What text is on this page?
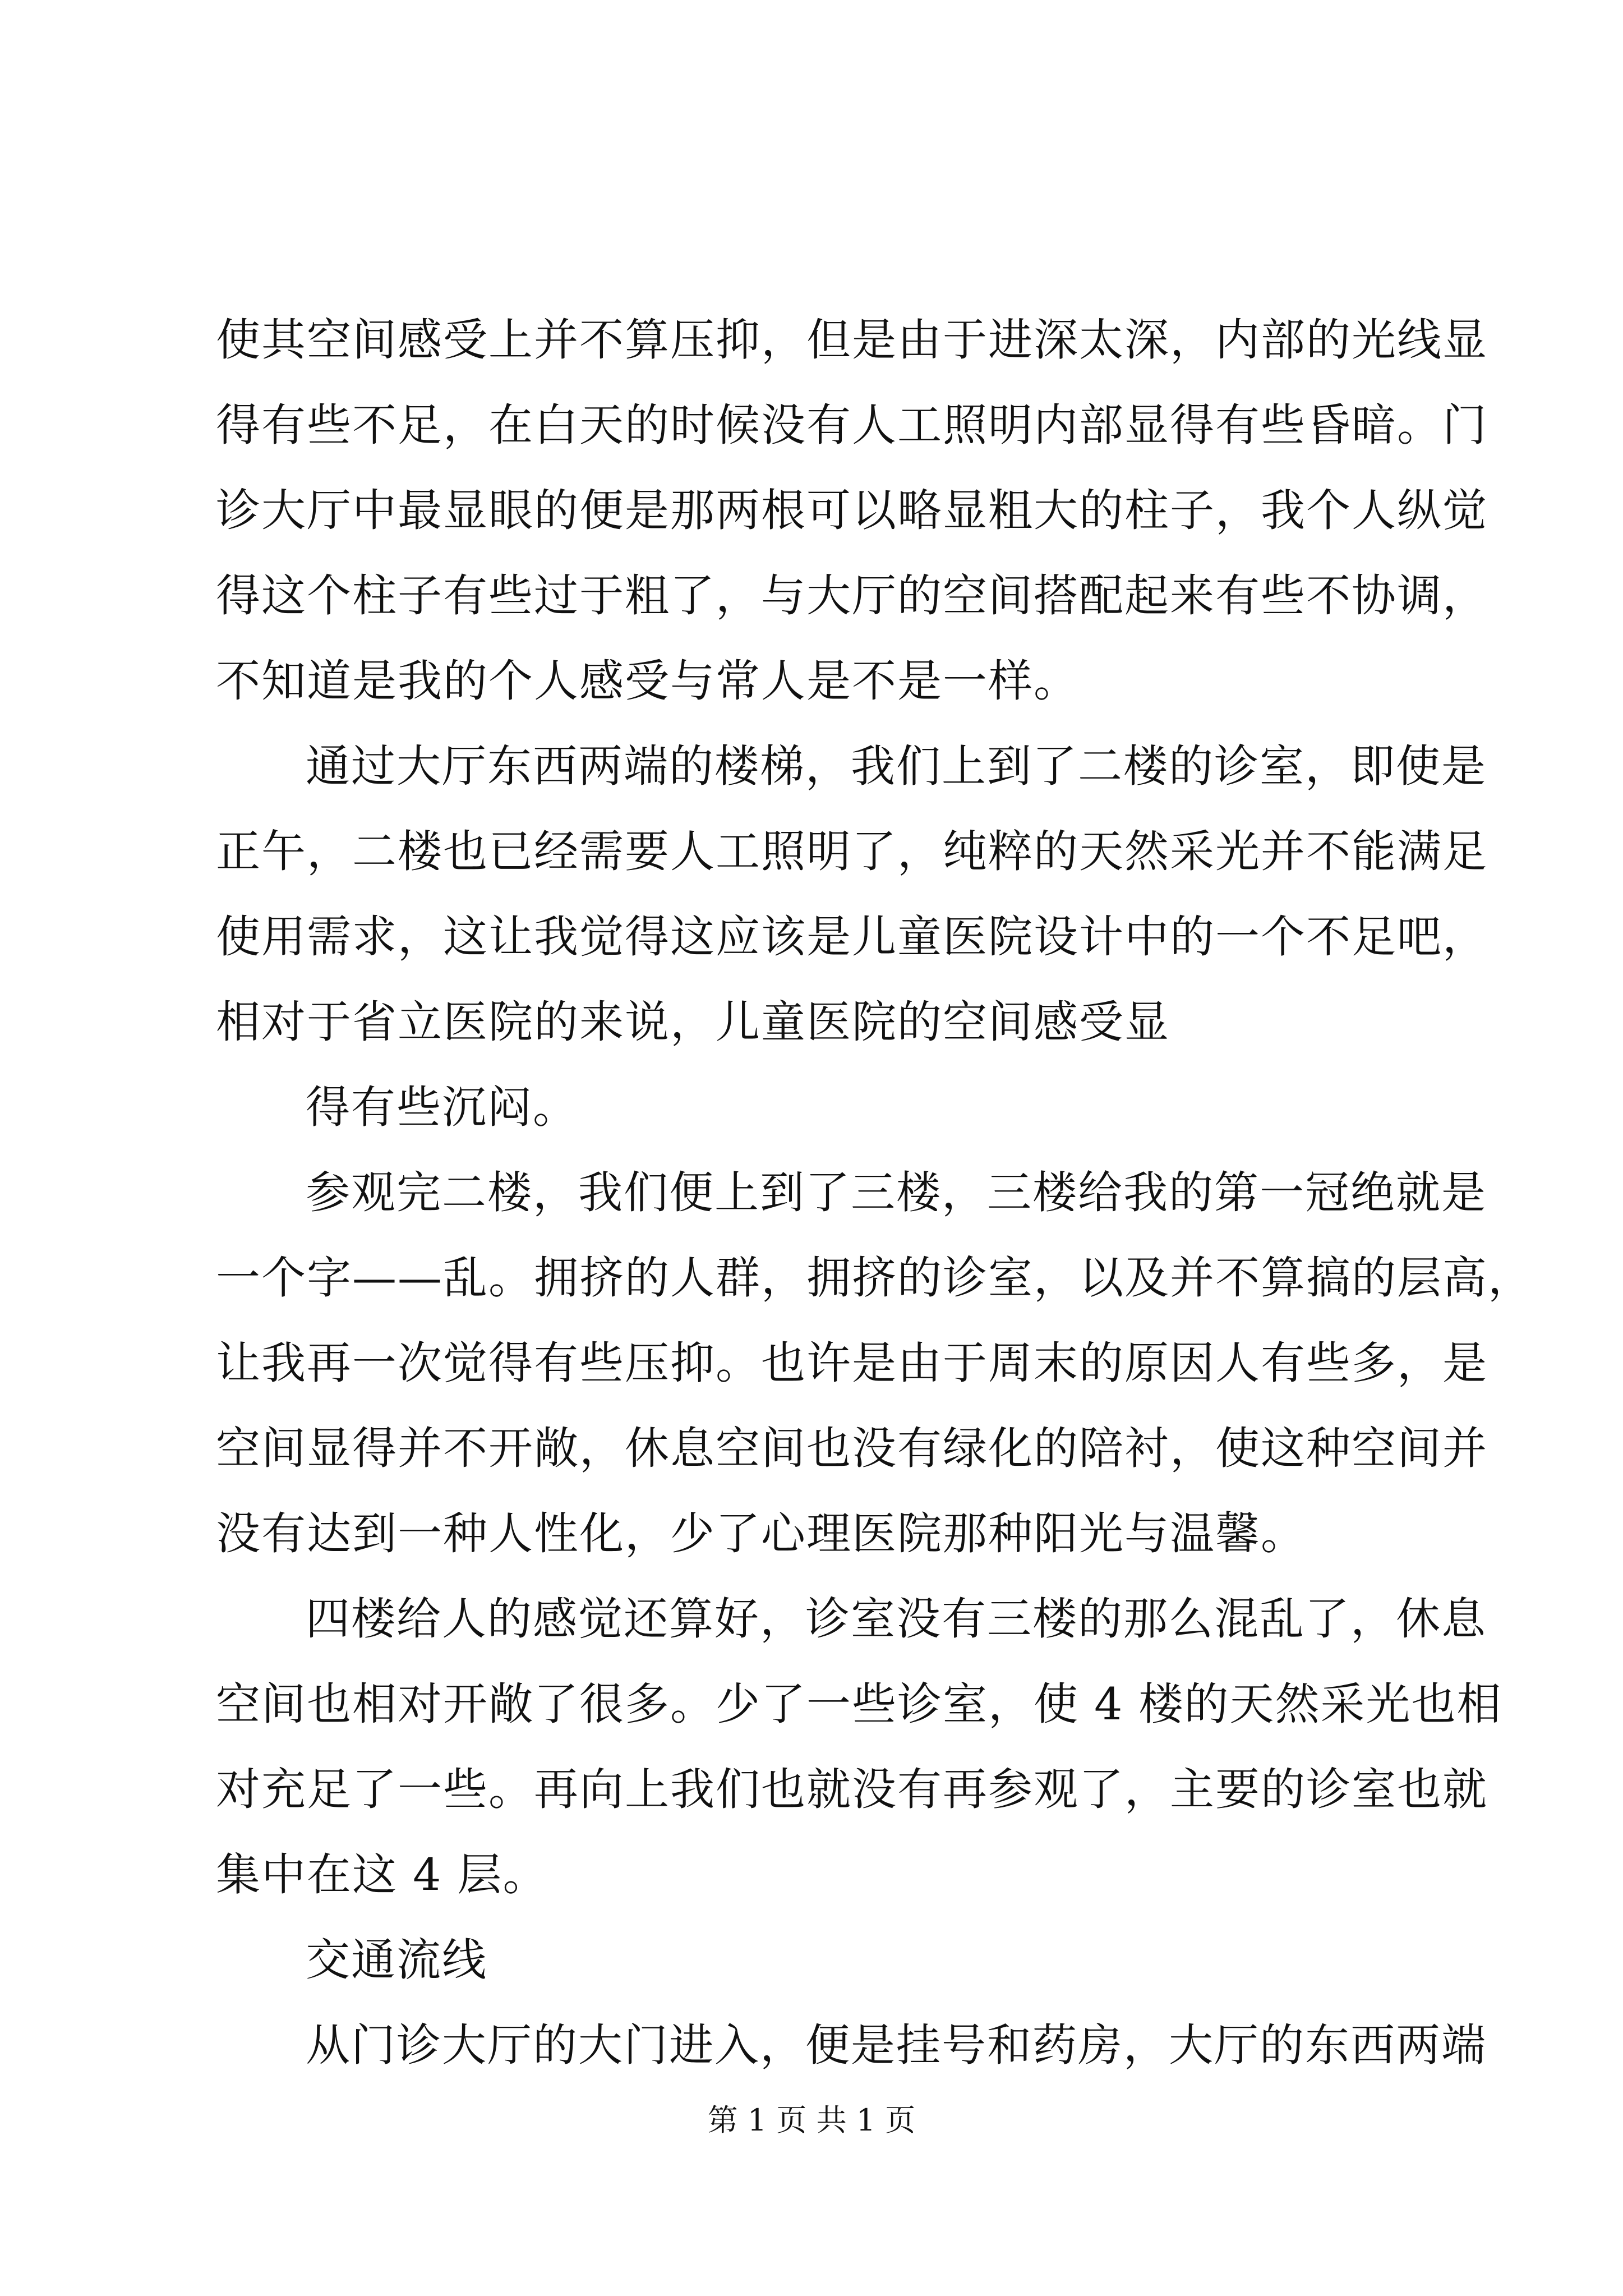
使其空间感受上并不算压抑，但是由于进深太深，内部的光线显
得有些不足，在白天的时候没有人工照明内部显得有些昏暗。门
诊大厅中最显眼的便是那两根可以略显粗大的柱子，我个人纵觉
得这个柱子有些过于粗了，与大厅的空间搭配起来有些不协调，
不知道是我的个人感受与常人是不是一样。
通过大厅东西两端的楼梯，我们上到了二楼的诊室，即使是
正午，二楼也已经需要人工照明了，纯粹的天然采光并不能满足
使用需求，这让我觉得这应该是儿童医院设计中的一个不足吧，
相对于省立医院的来说，儿童医院的空间感受显
得有些沉闷。
参观完二楼，我们便上到了三楼，三楼给我的第一冠绝就是
一个字——乱。拥挤的人群，拥挤的诊室，以及并不算搞的层高，
让我再一次觉得有些压抑。也许是由于周末的原因人有些多，是
空间显得并不开敞，休息空间也没有绿化的陪衬，使这种空间并
没有达到一种人性化，少了心理医院那种阳光与温馨。
四楼给人的感觉还算好，诊室没有三楼的那么混乱了，休息
空间也相对开敞了很多。少了一些诊室，使 4 楼的天然采光也相
对充足了一些。再向上我们也就没有再参观了，主要的诊室也就
集中在这 4 层。
交通流线
从门诊大厅的大门进入，便是挂号和药房，大厅的东西两端
第 1 页 共 1 页
